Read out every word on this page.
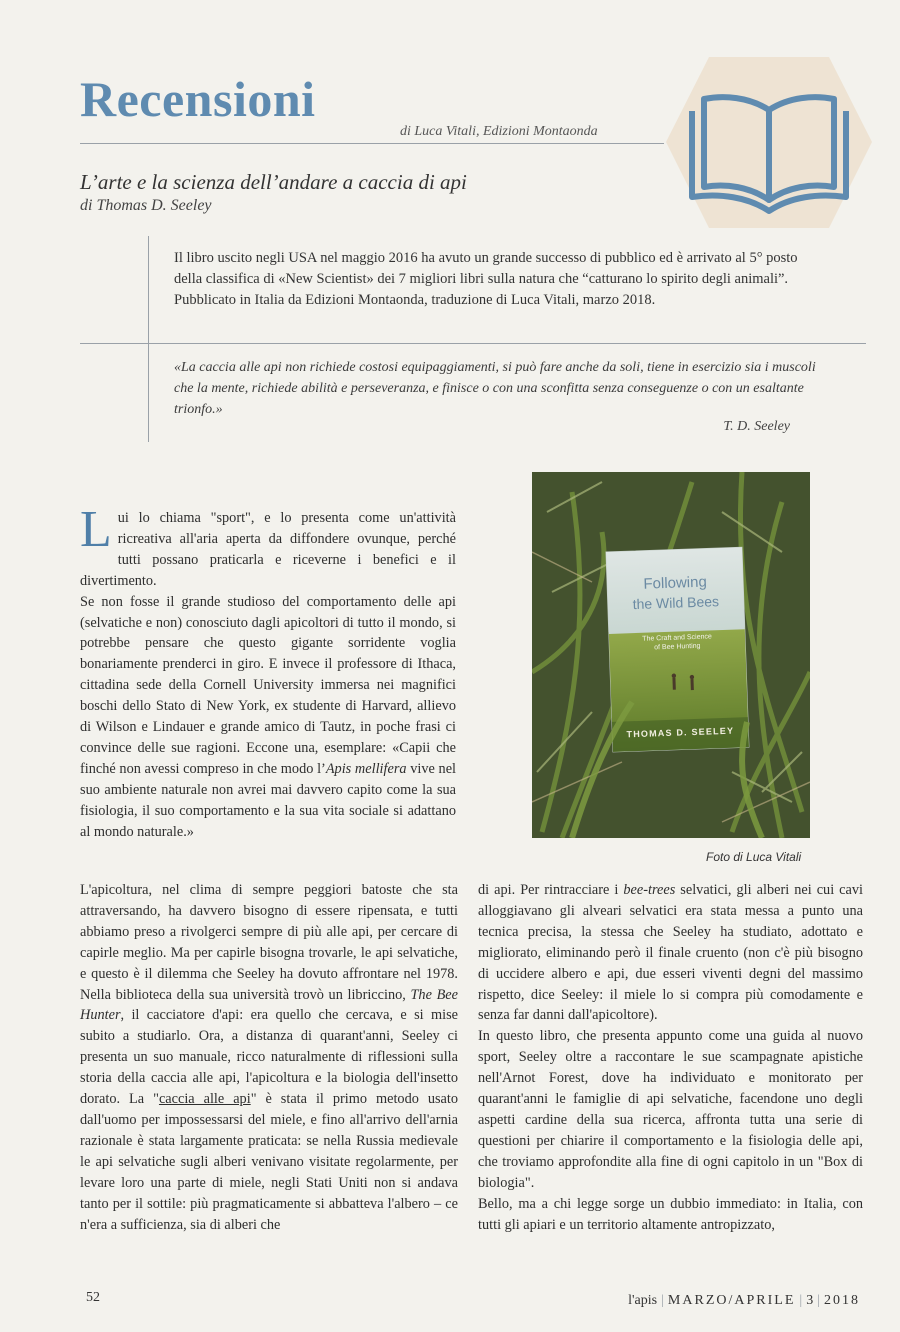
Recensioni
di Luca Vitali, Edizioni Montaonda
L’arte e la scienza dell’andare a caccia di api
di Thomas D. Seeley
Il libro uscito negli USA nel maggio 2016 ha avuto un grande successo di pubblico ed è arrivato al 5° posto della classifica di «New Scientist» dei 7 migliori libri sulla natura che “catturano lo spirito degli animali”.
Pubblicato in Italia da Edizioni Montaonda, traduzione di Luca Vitali, marzo 2018.
«La caccia alle api non richiede costosi equipaggiamenti, si può fare anche da soli, tiene in esercizio sia i muscoli che la mente, richiede abilità e perseveranza, e finisce o con una sconfitta senza conseguenze o con un esaltante trionfo.»
T. D. Seeley
Following
the Wild Bees
The Craft and Science
of Bee Hunting
THOMAS D. SEELEY
Foto di Luca Vitali

Lui lo chiama "sport", e lo presenta come un'attività ricreativa all'aria aperta da diffondere ovunque, perché tutti possano praticarla e riceverne i benefici e il divertimento.

Se non fosse il grande studioso del comportamento delle api (selvatiche e non) conosciuto dagli apicoltori di tutto il mondo, si potrebbe pensare che questo gigante sorridente voglia bonariamente prenderci in giro. E invece il professore di Ithaca, cittadina sede della Cornell University immersa nei magnifici boschi dello Stato di New York, ex studente di Harvard, allievo di Wilson e Lindauer e grande amico di Tautz, in poche frasi ci convince delle sue ragioni. Eccone una, esemplare: «Capii che finché non avessi compreso in che modo l’Apis mellifera vive nel suo ambiente naturale non avrei mai davvero capito come la sua fisiologia, il suo comportamento e la sua vita sociale si adattano al mondo naturale.»

L'apicoltura, nel clima di sempre peggiori batoste che sta attraversando, ha davvero bisogno di essere ripensata, e tutti abbiamo preso a rivolgerci sempre di più alle api, per cercare di capirle meglio. Ma per capirle bisogna trovarle, le api selvatiche, e questo è il dilemma che Seeley ha dovuto affrontare nel 1978. Nella biblioteca della sua università trovò un libriccino, The Bee Hunter, il cacciatore d'api: era quello che cercava, e si mise subito a studiarlo. Ora, a distanza di quarant'anni, Seeley ci presenta un suo manuale, ricco naturalmente di riflessioni sulla storia della caccia alle api, l'apicoltura e la biologia dell'insetto dorato. La "caccia alle api" è stata il primo metodo usato dall'uomo per impossessarsi del miele, e fino all'arrivo dell'arnia razionale è stata largamente praticata: se nella Russia medievale le api selvatiche sugli alberi venivano visitate regolarmente, per levare loro una parte di miele, negli Stati Uniti non si andava tanto per il sottile: più pragmaticamente si abbatteva l'albero – ce n'era a sufficienza, sia di alberi che

di api. Per rintracciare i bee-trees selvatici, gli alberi nei cui cavi alloggiavano gli alveari selvatici era stata messa a punto una tecnica precisa, la stessa che Seeley ha studiato, adottato e migliorato, eliminando però il finale cruento (non c'è più bisogno di uccidere albero e api, due esseri viventi degni del massimo rispetto, dice Seeley: il miele lo si compra più comodamente e senza far danni dall'apicoltore).

In questo libro, che presenta appunto come una guida al nuovo sport, Seeley oltre a raccontare le sue scampagnate apistiche nell'Arnot Forest, dove ha individuato e monitorato per quarant'anni le famiglie di api selvatiche, facendone uno degli aspetti cardine della sua ricerca, affronta tutta una serie di questioni per chiarire il comportamento e la fisiologia delle api, che troviamo approfondite alla fine di ogni capitolo in un "Box di biologia".

Bello, ma a chi legge sorge un dubbio immediato: in Italia, con tutti gli apiari e un territorio altamente antropizzato,

52	l'apis | MARZO/APRILE | 3 | 2018
